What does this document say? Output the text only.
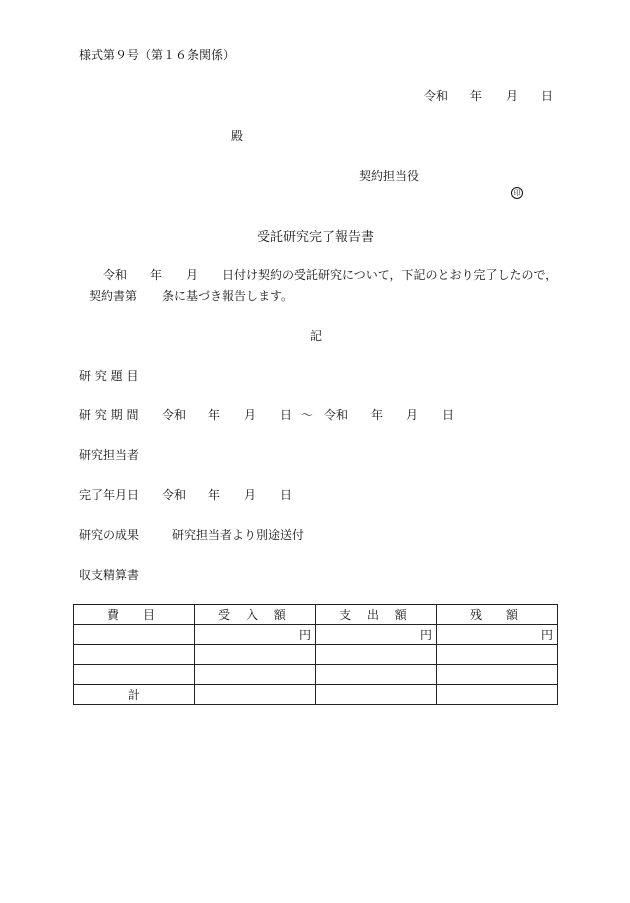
様式第９号（第１６条関係）
令和 年 月 日
殿
契約担当役
印
受託研究完了報告書
令和 年 月 日付け契約の受託研究について，下記のとおり完了したので，
契約書第 条に基づき報告します。
記
研 究 題 目
研 究 期 間 令和 年 月 日 ～ 令和 年 月 日
研究担当者
完了年月日 令和 年 月 日
研究の成果	研究担当者より別途送付
収支精算書
費　目	受 入 額	支 出 額	残　額
	円	円	円

計			
